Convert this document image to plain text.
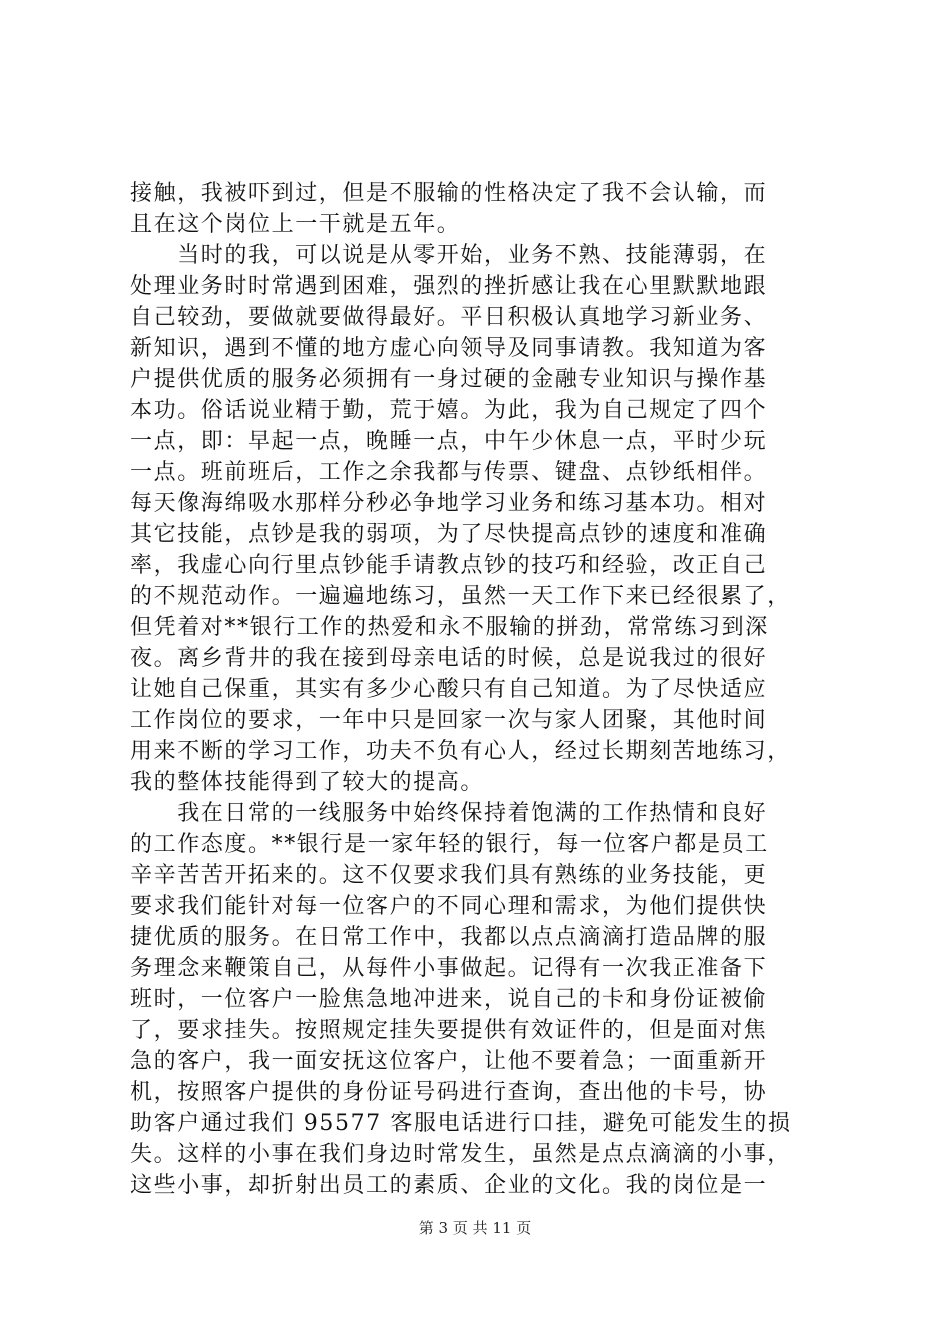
接触，我被吓到过，但是不服输的性格决定了我不会认输，而
且在这个岗位上一干就是五年。
　　当时的我，可以说是从零开始，业务不熟、技能薄弱，在
处理业务时时常遇到困难，强烈的挫折感让我在心里默默地跟
自己较劲，要做就要做得最好。平日积极认真地学习新业务、
新知识，遇到不懂的地方虚心向领导及同事请教。我知道为客
户提供优质的服务必须拥有一身过硬的金融专业知识与操作基
本功。俗话说业精于勤，荒于嬉。为此，我为自己规定了四个
一点，即：早起一点，晚睡一点，中午少休息一点，平时少玩
一点。班前班后，工作之余我都与传票、键盘、点钞纸相伴。
每天像海绵吸水那样分秒必争地学习业务和练习基本功。相对
其它技能，点钞是我的弱项，为了尽快提高点钞的速度和准确
率，我虚心向行里点钞能手请教点钞的技巧和经验，改正自己
的不规范动作。一遍遍地练习，虽然一天工作下来已经很累了，
但凭着对**银行工作的热爱和永不服输的拼劲，常常练习到深
夜。离乡背井的我在接到母亲电话的时候，总是说我过的很好
让她自己保重，其实有多少心酸只有自己知道。为了尽快适应
工作岗位的要求，一年中只是回家一次与家人团聚，其他时间
用来不断的学习工作，功夫不负有心人，经过长期刻苦地练习，
我的整体技能得到了较大的提高。
　　我在日常的一线服务中始终保持着饱满的工作热情和良好
的工作态度。**银行是一家年轻的银行，每一位客户都是员工
辛辛苦苦开拓来的。这不仅要求我们具有熟练的业务技能，更
要求我们能针对每一位客户的不同心理和需求，为他们提供快
捷优质的服务。在日常工作中，我都以点点滴滴打造品牌的服
务理念来鞭策自己，从每件小事做起。记得有一次我正准备下
班时，一位客户一脸焦急地冲进来，说自己的卡和身份证被偷
了，要求挂失。按照规定挂失要提供有效证件的，但是面对焦
急的客户，我一面安抚这位客户，让他不要着急；一面重新开
机，按照客户提供的身份证号码进行查询，查出他的卡号，协
助客户通过我们 95577 客服电话进行口挂，避免可能发生的损
失。这样的小事在我们身边时常发生，虽然是点点滴滴的小事，
这些小事，却折射出员工的素质、企业的文化。我的岗位是一
第 3 页 共 11 页
